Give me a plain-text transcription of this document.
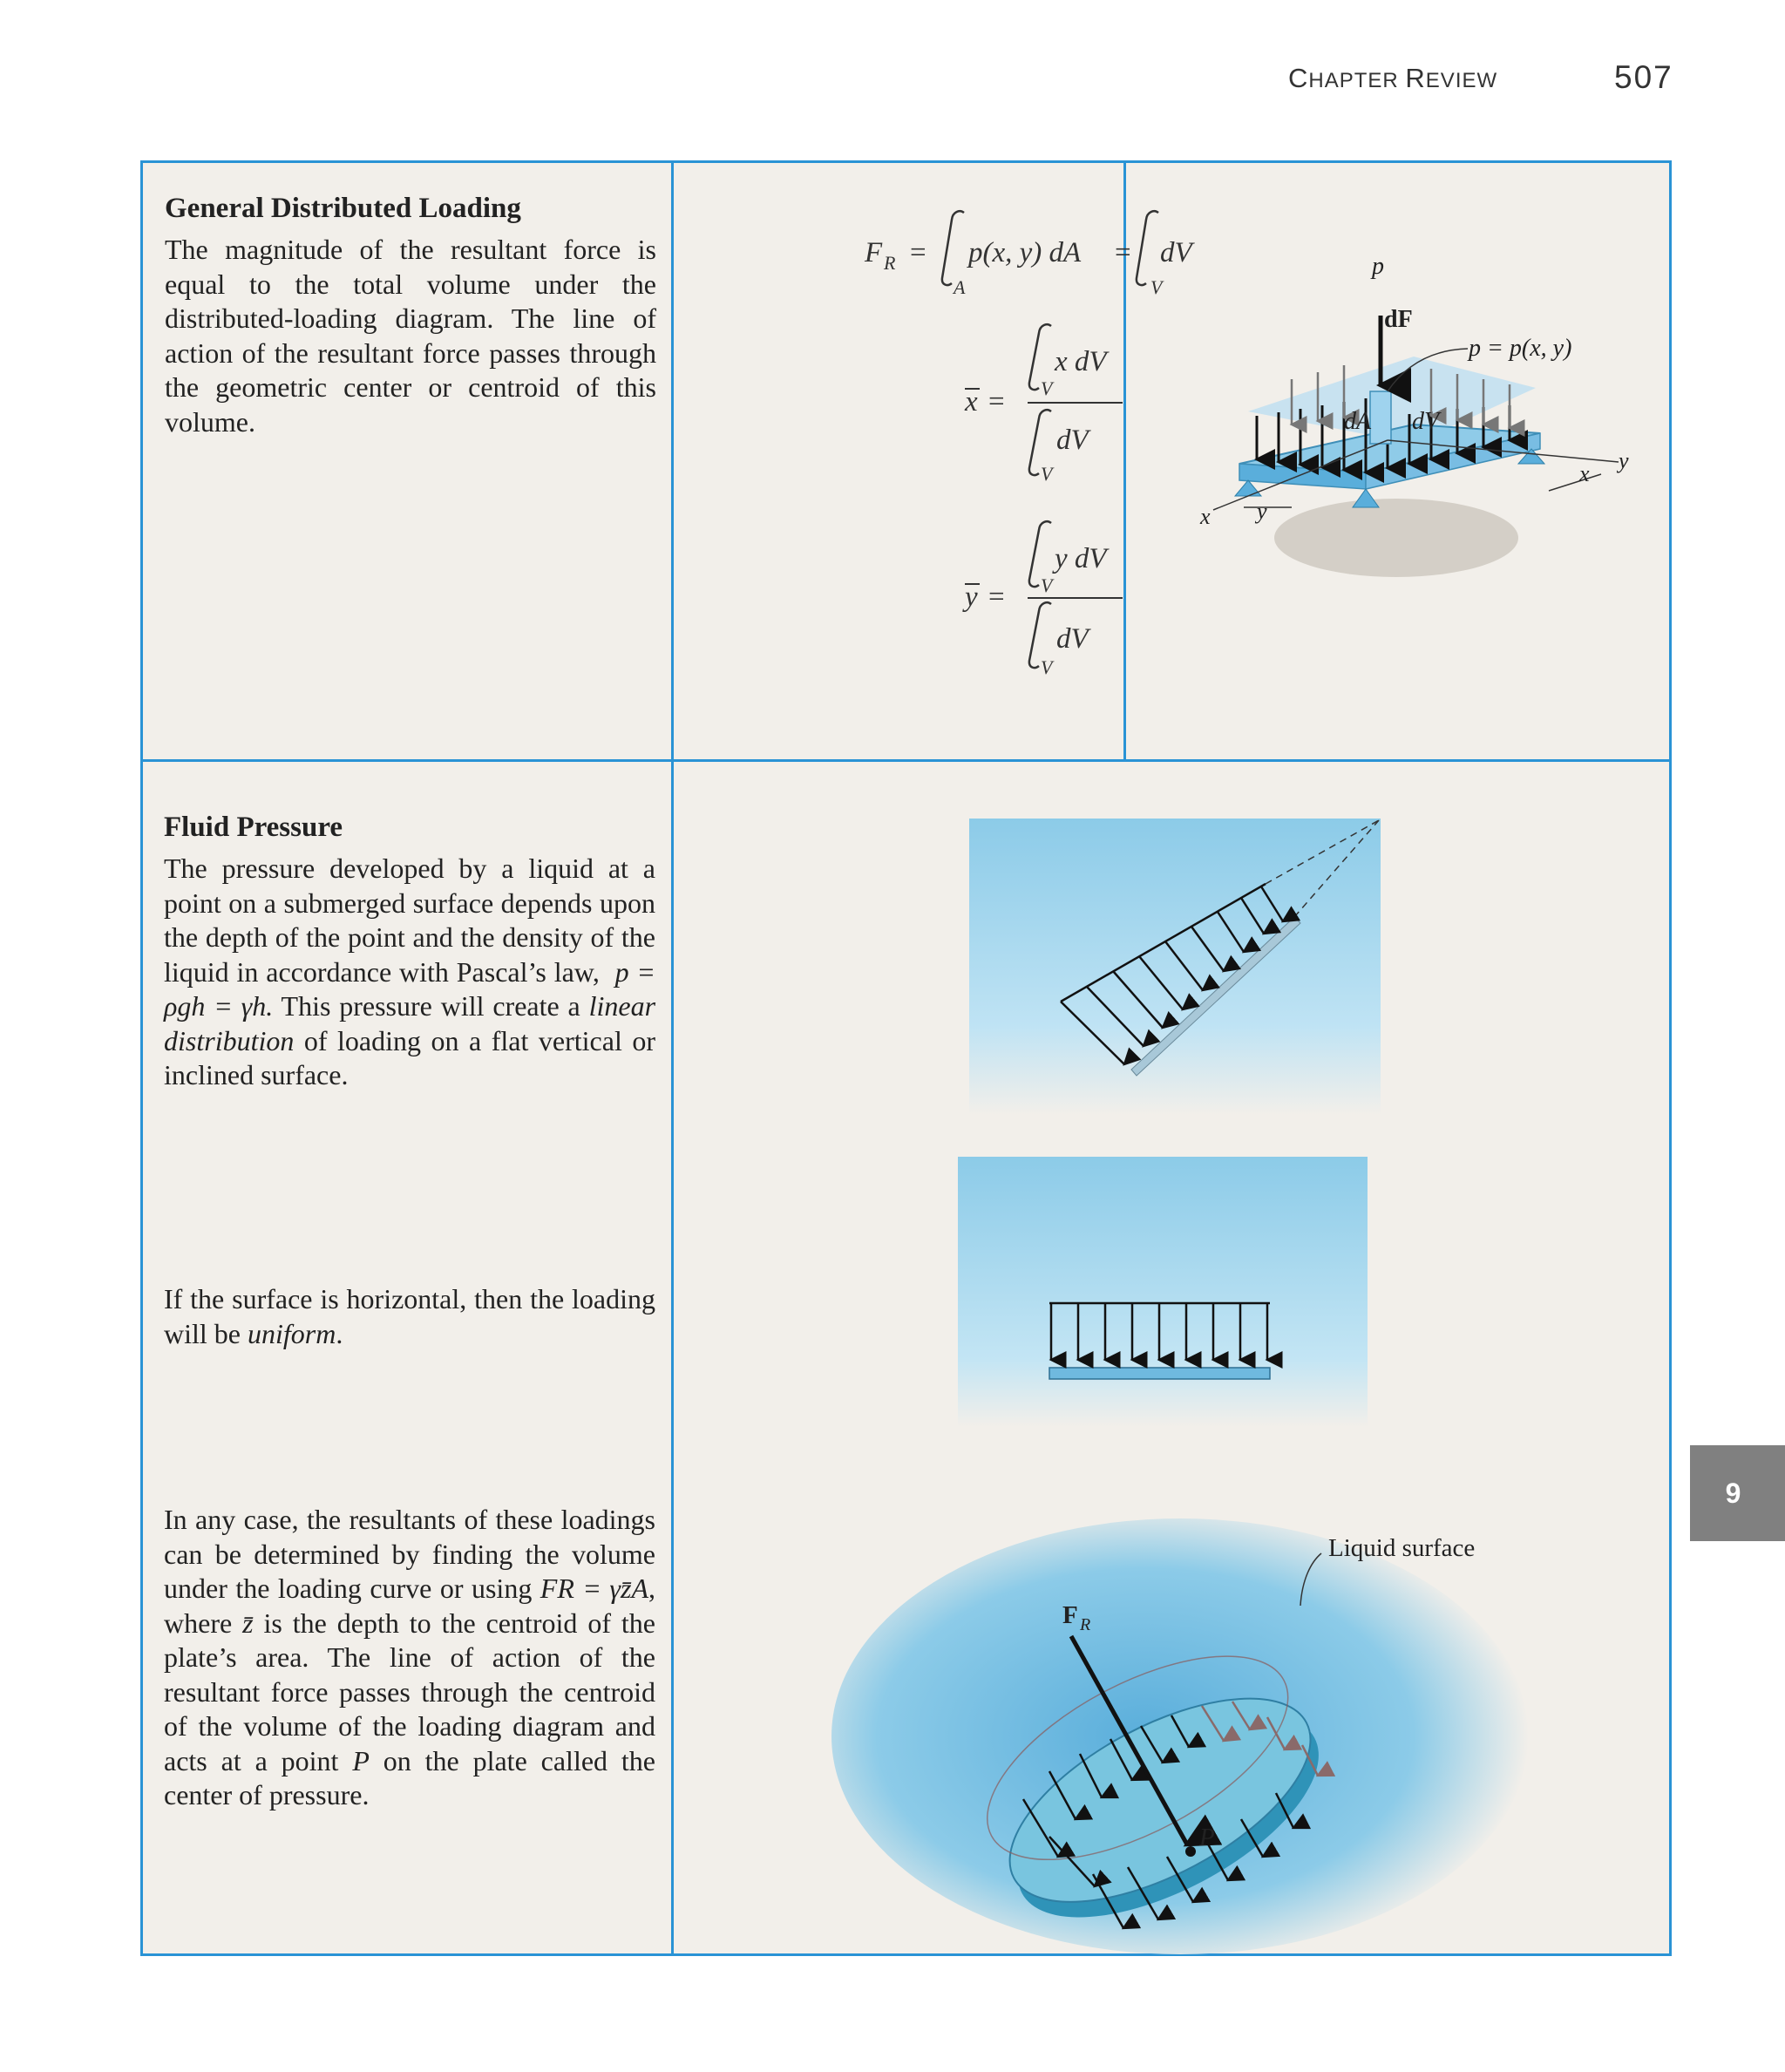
CHAPTER REVIEW	507
General Distributed Loading

The magnitude of the resultant force is equal to the total volume under the distributed-loading diagram. The line of action of the resultant force passes through the geometric center or centroid of this volume.

F R =
A
p(x, y) dA =
V
dV
x = V
x dV
V
dV
y = V
y dV
V
dV
p
dF
p = p(x, y)
dA dV
x y
y
x
Fluid Pressure

The pressure developed by a liquid at a point on a submerged surface depends upon the depth of the point and the density of the liquid in accordance with Pascal’s law, p = ρgh = γh. This pressure will create a linear distribution of loading on a flat vertical or inclined surface.

If the surface is horizontal, then the loading will be uniform.

In any case, the resultants of these loadings can be determined by finding the volume under the loading curve or using FR = γz̄A, where z̄ is the depth to the centroid of the plate’s area. The line of action of the resultant force passes through the centroid of the volume of the loading diagram and acts at a point P on the plate called the center of pressure.

Liquid surface
F R
P
9
